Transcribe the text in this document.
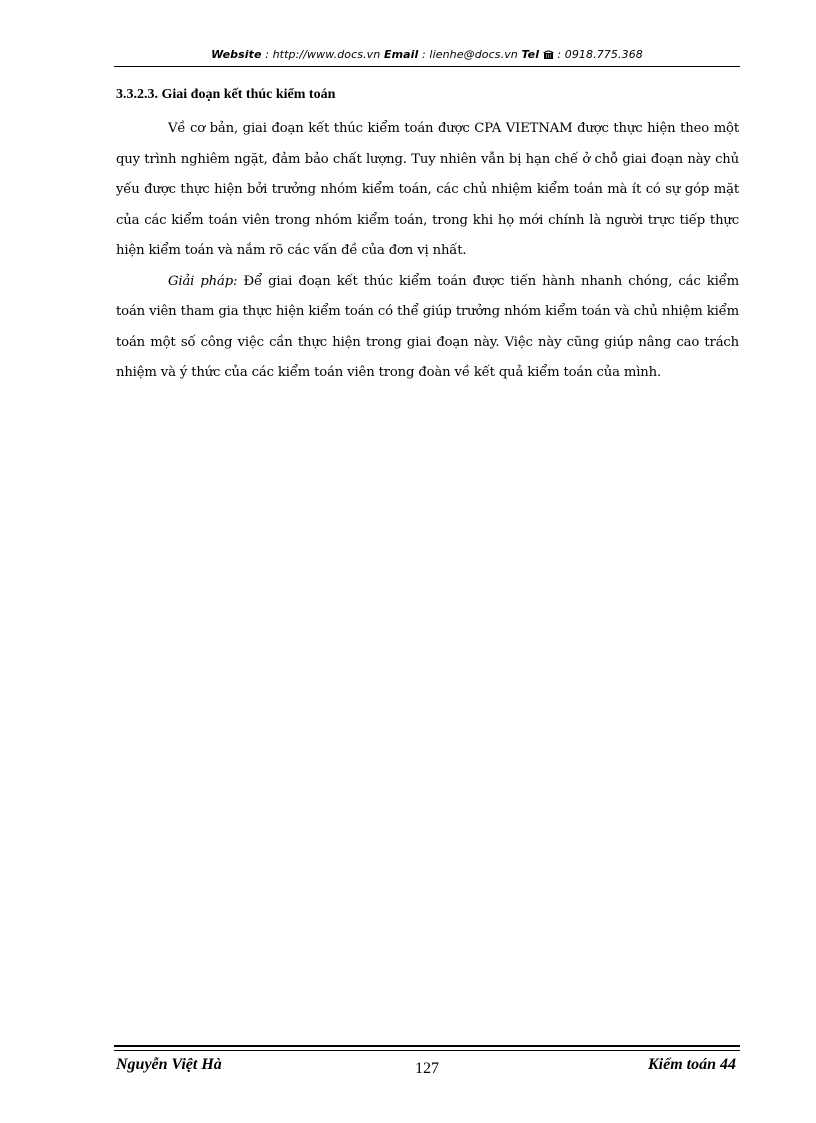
Website : http://www.docs.vn Email : lienhe@docs.vn Tel  : 0918.775.368
3.3.2.3. Giai đoạn kết thúc kiểm toán

Về cơ bản, giai đoạn kết thúc kiểm toán được CPA VIETNAM được thực hiện theo một quy trình nghiêm ngặt, đảm bảo chất lượng. Tuy nhiên vẫn bị hạn chế ở chỗ giai đoạn này chủ yếu được thực hiện bởi trưởng nhóm kiểm toán, các chủ nhiệm kiểm toán mà ít có sự góp mặt của các kiểm toán viên trong nhóm kiểm toán, trong khi họ mới chính là người trực tiếp thực hiện kiểm toán và nắm rõ các vấn đề của đơn vị nhất.

Giải pháp: Để giai đoạn kết thúc kiểm toán được tiến hành nhanh chóng, các kiểm toán viên tham gia thực hiện kiểm toán có thể giúp trưởng nhóm kiểm toán và chủ nhiệm kiểm toán một số công việc cần thực hiện trong giai đoạn này. Việc này cũng giúp nâng cao trách nhiệm và ý thức của các kiểm toán viên trong đoàn về kết quả kiểm toán của mình.

Nguyễn Việt Hà	127	Kiểm toán 44
